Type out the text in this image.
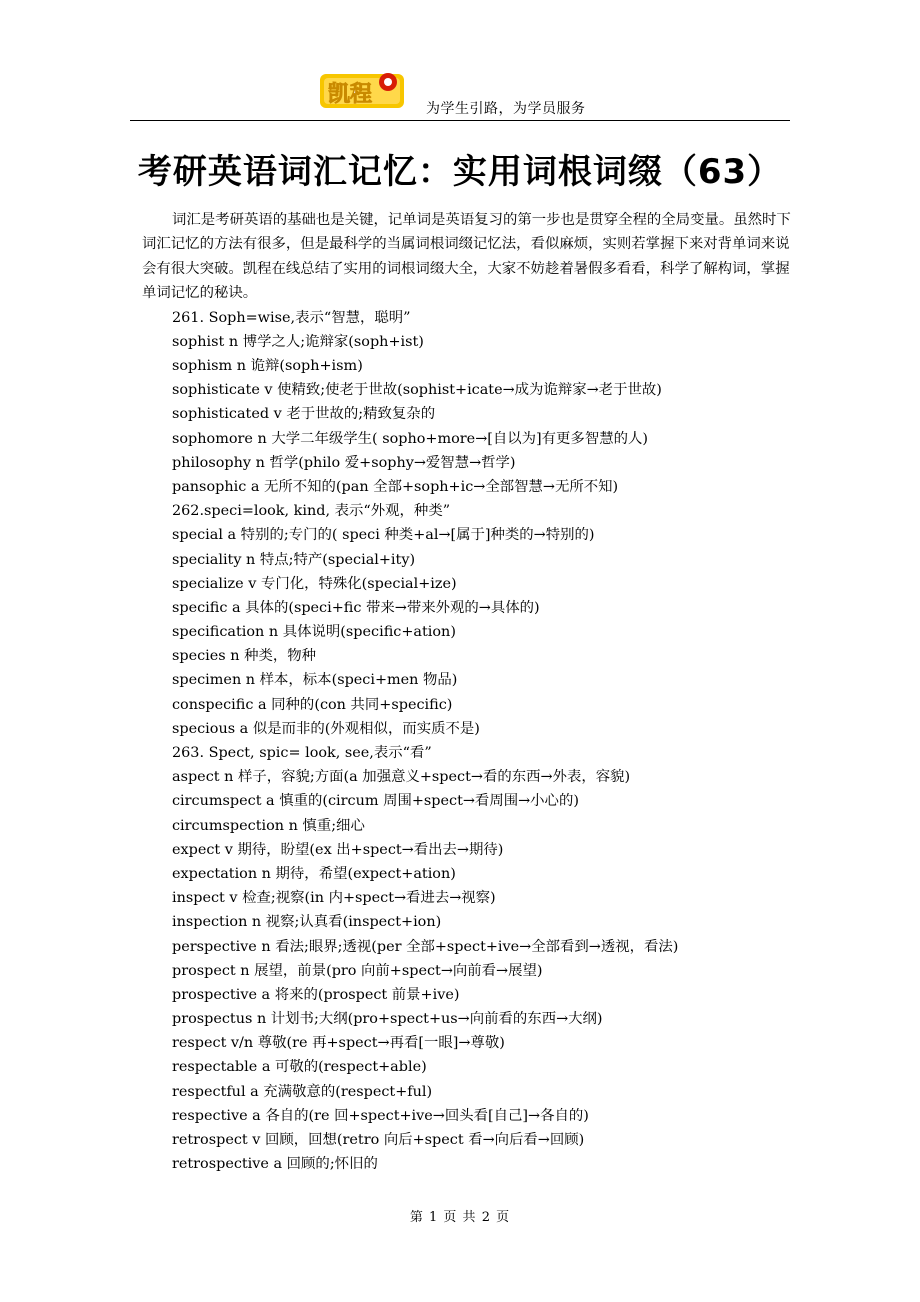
凯程
为学生引路，为学员服务
考研英语词汇记忆：实用词根词缀（63）

词汇是考研英语的基础也是关键，记单词是英语复习的第一步也是贯穿全程的全局变量。虽然时下词汇记忆的方法有很多，但是最科学的当属词根词缀记忆法，看似麻烦，实则若掌握下来对背单词来说会有很大突破。凯程在线总结了实用的词根词缀大全，大家不妨趁着暑假多看看，科学了解构词，掌握单词记忆的秘诀。

261. Soph=wise,表示“智慧，聪明”
sophist n 博学之人;诡辩家(soph+ist)
sophism n 诡辩(soph+ism)
sophisticate v 使精致;使老于世故(sophist+icate→成为诡辩家→老于世故)
sophisticated v 老于世故的;精致复杂的
sophomore n 大学二年级学生( sopho+more→[自以为]有更多智慧的人)
philosophy n 哲学(philo 爱+sophy→爱智慧→哲学)
pansophic a 无所不知的(pan 全部+soph+ic→全部智慧→无所不知)
262.speci=look, kind, 表示“外观，种类”
special a 特别的;专门的( speci 种类+al→[属于]种类的→特别的)
speciality n 特点;特产(special+ity)
specialize v 专门化，特殊化(special+ize)
specific a 具体的(speci+fic 带来→带来外观的→具体的)
specification n 具体说明(specific+ation)
species n 种类，物种
specimen n 样本，标本(speci+men 物品)
conspecific a 同种的(con 共同+specific)
specious a 似是而非的(外观相似，而实质不是)
263. Spect, spic= look, see,表示“看”
aspect n 样子，容貌;方面(a 加强意义+spect→看的东西→外表，容貌)
circumspect a 慎重的(circum 周围+spect→看周围→小心的)
circumspection n 慎重;细心
expect v 期待，盼望(ex 出+spect→看出去→期待)
expectation n 期待，希望(expect+ation)
inspect v 检查;视察(in 内+spect→看进去→视察)
inspection n 视察;认真看(inspect+ion)
perspective n 看法;眼界;透视(per 全部+spect+ive→全部看到→透视，看法)
prospect n 展望，前景(pro 向前+spect→向前看→展望)
prospective a 将来的(prospect 前景+ive)
prospectus n 计划书;大纲(pro+spect+us→向前看的东西→大纲)
respect v/n 尊敬(re 再+spect→再看[一眼]→尊敬)
respectable a 可敬的(respect+able)
respectful a 充满敬意的(respect+ful)
respective a 各自的(re 回+spect+ive→回头看[自己]→各自的)
retrospect v 回顾，回想(retro 向后+spect 看→向后看→回顾)
retrospective a 回顾的;怀旧的
第 1 页 共 2 页
